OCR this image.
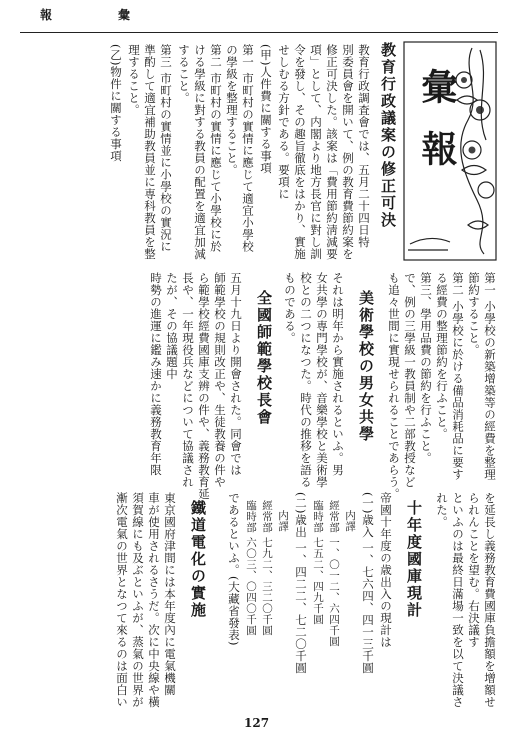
彙
報
彙報
教育行政議案の修正可決
教育行政調査會では、五月二十四日特
別委員會を開いて、例の教育費節約案を
修正可決した。該案は「費用節約淸減要
項」として、内閣より地方長官に對し訓
令を發し、その趣旨徹底をはかり、實施
せしむる方針である。要項に
(甲)人件費に關する事項
第一 市町村の實情に應じて適宜小學校
の學級を整理すること。
第二 市町村の實情に應じて小學校に於
ける學級に對する教員の配置を適宜加減
すること。
第三 市町村の實情並に小學校の實況に
準酌して適宜補助教員並に専科教員を整
理すること。
(乙)物件に關する事項
第一 小學校の新築增築等の經費を整理
節約すること。
第二 小學校に於ける備品消耗品に要す
る經費の整理節約を行ふこと。
第三、學用品費の節約を行ふこと。
で、例の三學級一教員制や二部教授など
も追々世間に實現せられることであらう。
美術學校の男女共學
それは明年から實施されるといふ。男
女共學の専門學校が、音樂學校と美術學
校との二つになつた。時代の推移を語る
ものである。
全國師範學校長會
五月十九日より開會された。同會では
師範學校の規則改正や、生徒教養の件や
ら範學校經費國庫支辨の件や、義務教育延
長や、一年現役兵などについて協議され
たが、その協議題中
時勢の進運に鑑み速かに義務教育年限
を延長し義務教育費國庫負擔額を增額せ
られんことを望む。右決議す
といふのは最終日滿場一致を以て決議さ
れた。
十年度國庫現計
帝國十年度の歳出入の現計は
(一)歳入 一、七六四、四一三千圓
内譯
經常部 一、〇一二、六四千圓
臨時部 七五二、四九千圓
(二)歳出 一、四二二、七二〇千圓
内譯
經常部 七九二、三二〇千圓
臨時部 六〇三、〇四〇千圓
であるといふ。(大藏省發表)
鐵道電化の實施
東京國府津間には本年度內に電氣機關
車が使用されるさうだ。次に中央線や橫
須賀線にも及ぶといふが、蒸氣の世界が
漸次電氣の世界となつて來るのは面白い
127
